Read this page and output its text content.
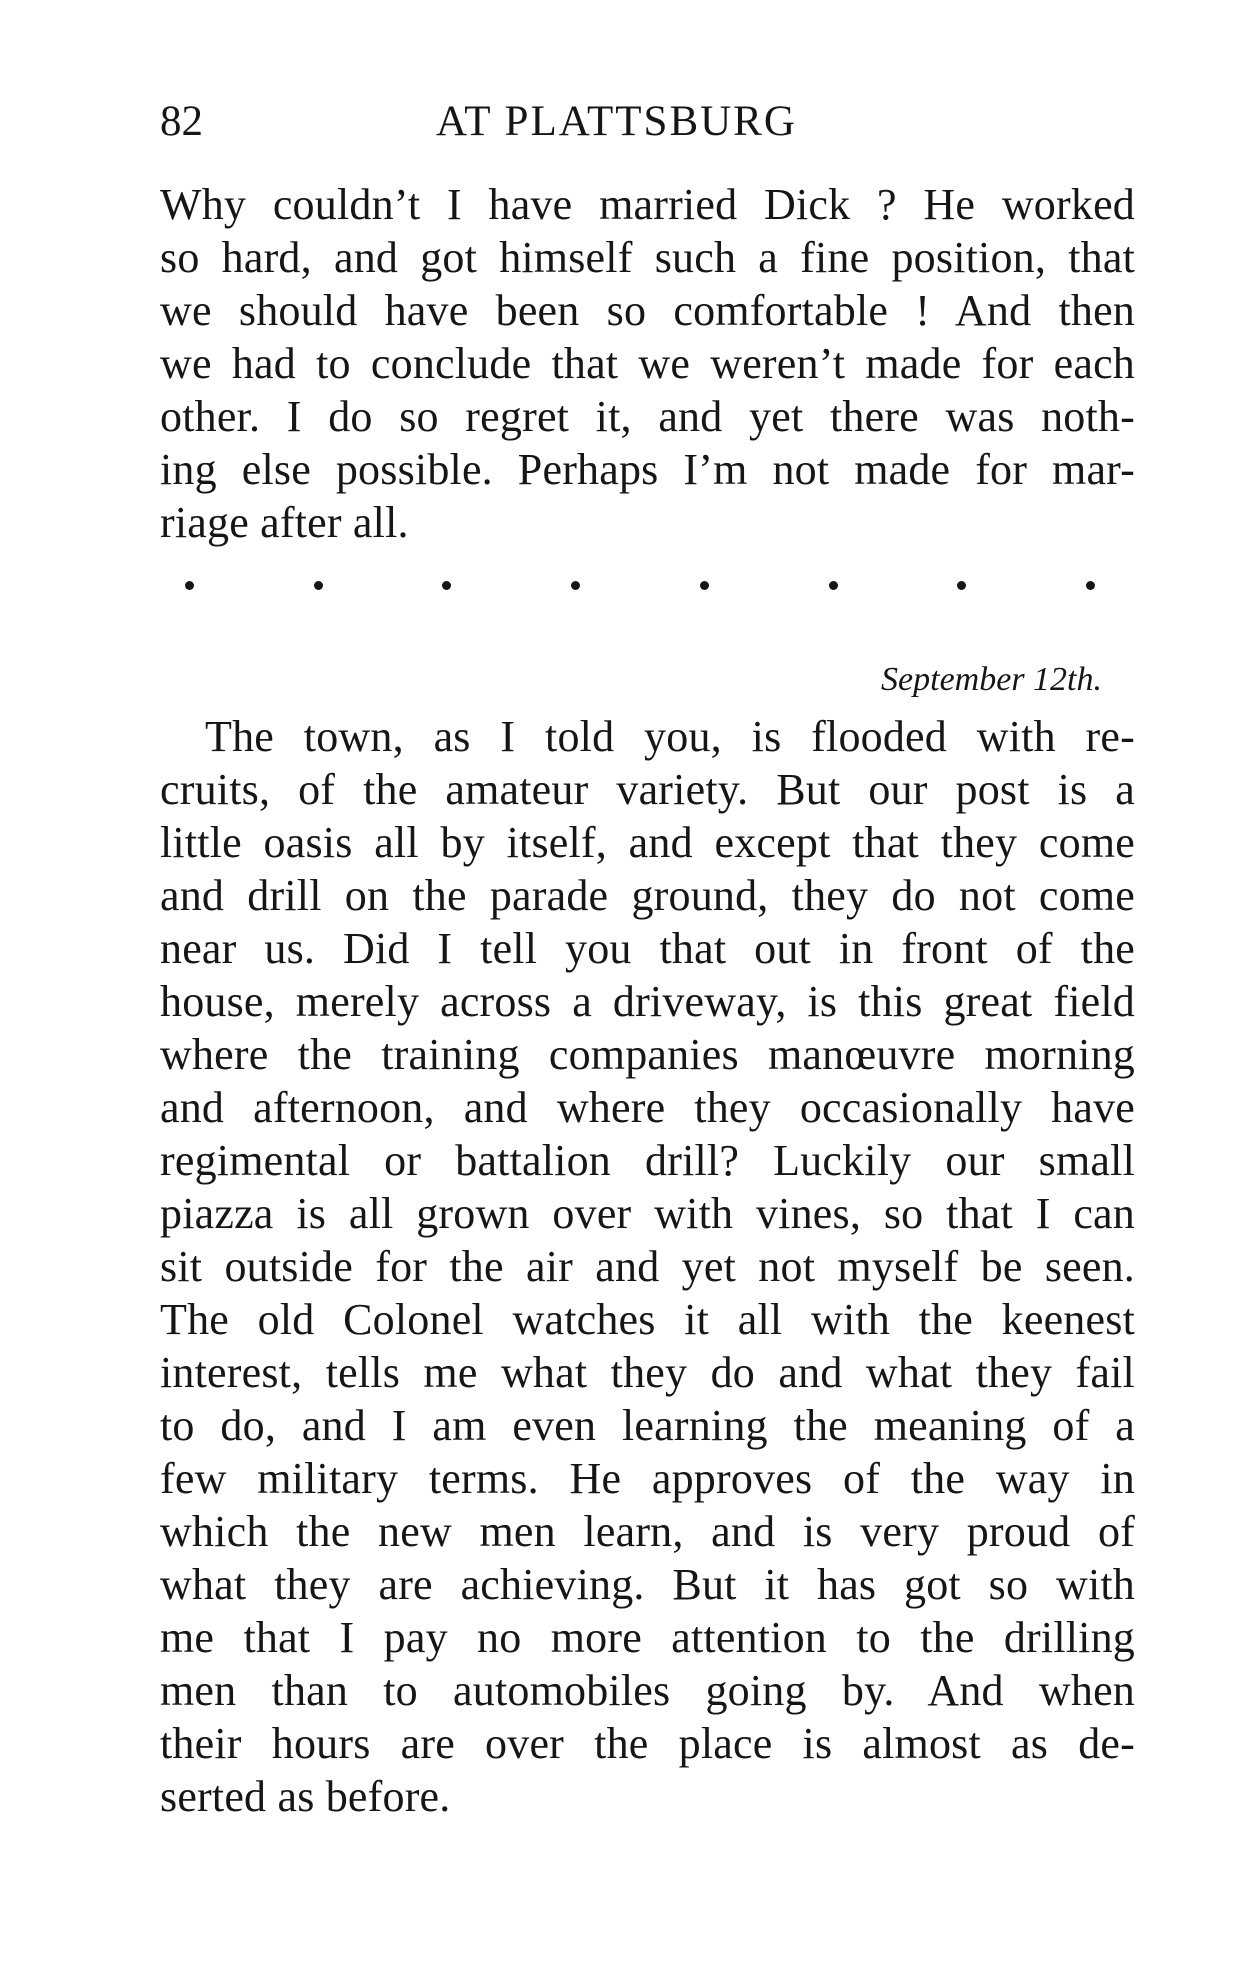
82	AT PLATTSBURG
Why couldn’t I have married Dick ? He worked
so hard, and got himself such a fine position, that
we should have been so comfortable ! And then
we had to conclude that we weren’t made for each
other. I do so regret it, and yet there was noth-
ing else possible. Perhaps I’m not made for mar-
riage after all.
September 12th.
The town, as I told you, is flooded with re-
cruits, of the amateur variety. But our post is a
little oasis all by itself, and except that they come
and drill on the parade ground, they do not come
near us. Did I tell you that out in front of the
house, merely across a driveway, is this great field
where the training companies manœuvre morning
and afternoon, and where they occasionally have
regimental or battalion drill? Luckily our small
piazza is all grown over with vines, so that I can
sit outside for the air and yet not myself be seen.
The old Colonel watches it all with the keenest
interest, tells me what they do and what they fail
to do, and I am even learning the meaning of a
few military terms. He approves of the way in
which the new men learn, and is very proud of
what they are achieving. But it has got so with
me that I pay no more attention to the drilling
men than to automobiles going by. And when
their hours are over the place is almost as de-
serted as before.
